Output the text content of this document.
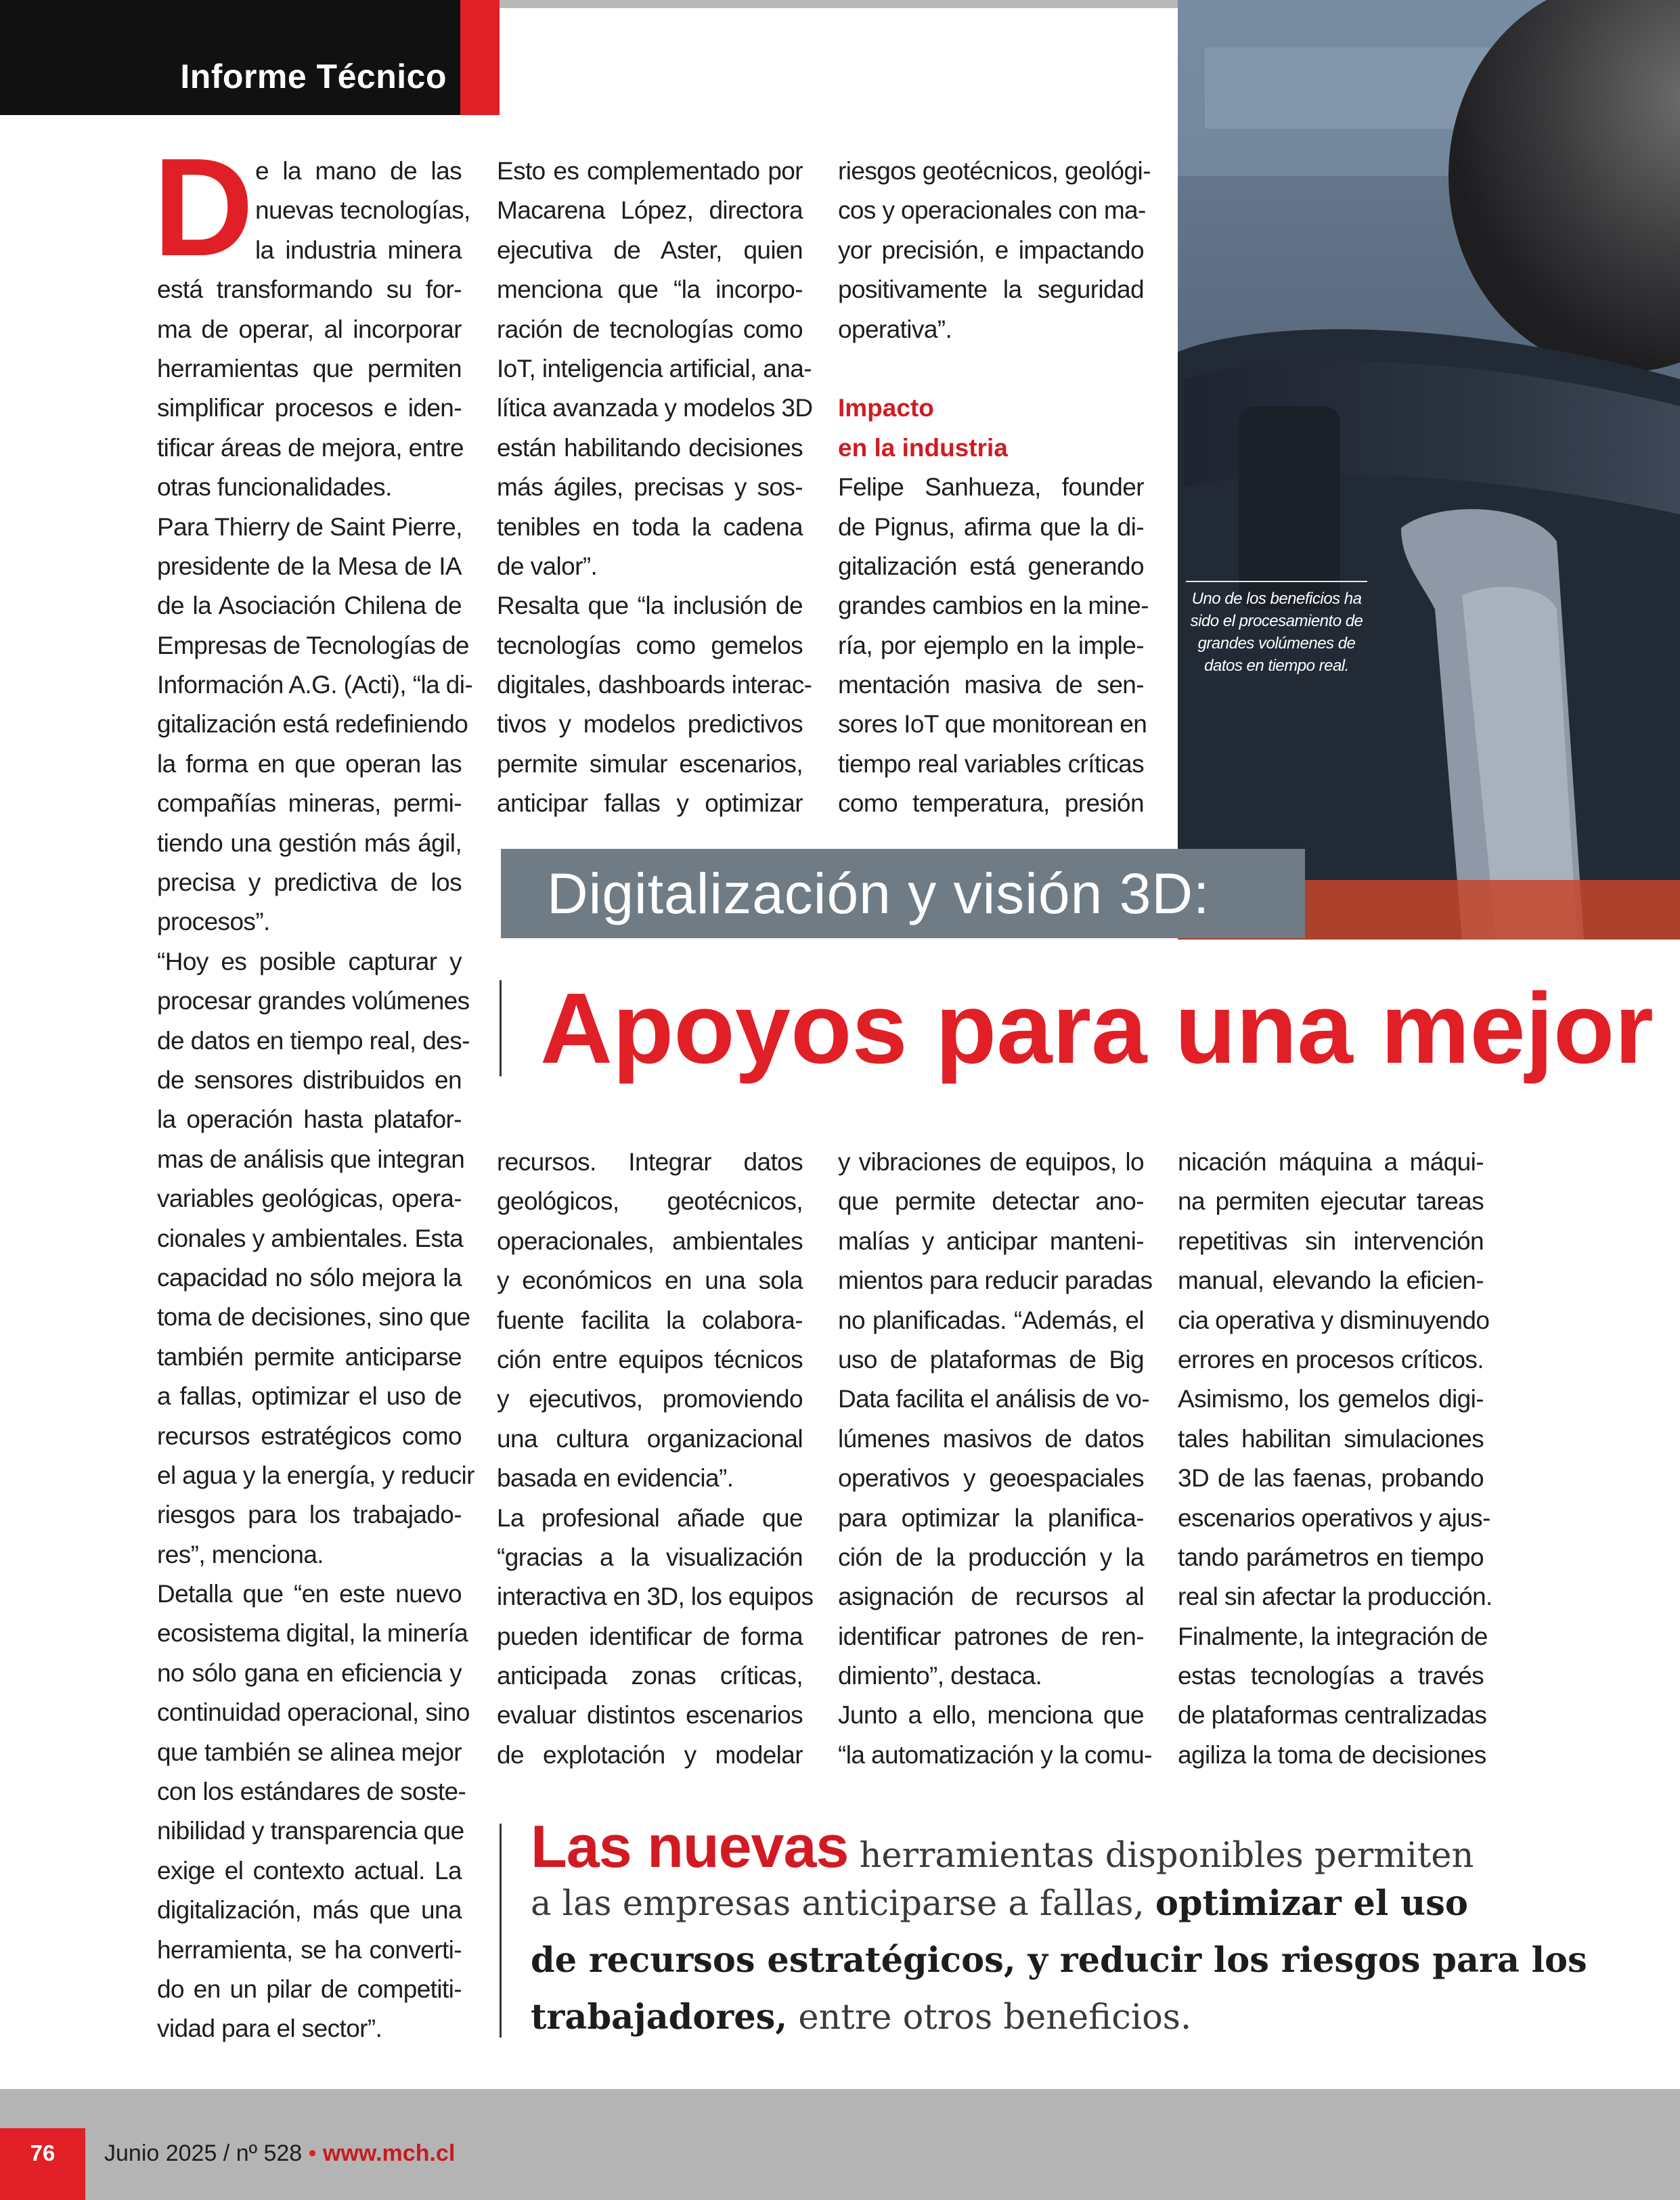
Informe Técnico
Uno de los beneficios ha
sido el procesamiento de
grandes volúmenes de
datos en tiempo real.
D e la mano de las
nuevas tecnologías,
la industria minera
está transformando su for-
ma de operar, al incorporar
herramientas que permiten
simplificar procesos e iden-
tificar áreas de mejora, entre
otras funcionalidades.
Para Thierry de Saint Pierre,
presidente de la Mesa de IA
de la Asociación Chilena de
Empresas de Tecnologías de
Información A.G. (Acti), “la di-
gitalización está redefiniendo
la forma en que operan las
compañías mineras, permi-
tiendo una gestión más ágil,
precisa y predictiva de los
procesos”.
“Hoy es posible capturar y
procesar grandes volúmenes
de datos en tiempo real, des-
de sensores distribuidos en
la operación hasta platafor-
mas de análisis que integran
variables geológicas, opera-
cionales y ambientales. Esta
capacidad no sólo mejora la
toma de decisiones, sino que
también permite anticiparse
a fallas, optimizar el uso de
recursos estratégicos como
el agua y la energía, y reducir
riesgos para los trabajado-
res”, menciona.
Detalla que “en este nuevo
ecosistema digital, la minería
no sólo gana en eficiencia y
continuidad operacional, sino
que también se alinea mejor
con los estándares de soste-
nibilidad y transparencia que
exige el contexto actual. La
digitalización, más que una
herramienta, se ha converti-
do en un pilar de competiti-
vidad para el sector”.
Esto es complementado por
Macarena López, directora
ejecutiva de Aster, quien
menciona que “la incorpo-
ración de tecnologías como
IoT, inteligencia artificial, ana-
lítica avanzada y modelos 3D
están habilitando decisiones
más ágiles, precisas y sos-
tenibles en toda la cadena
de valor”.
Resalta que “la inclusión de
tecnologías como gemelos
digitales, dashboards interac-
tivos y modelos predictivos
permite simular escenarios,
anticipar fallas y optimizar
riesgos geotécnicos, geológi-
cos y operacionales con ma-
yor precisión, e impactando
positivamente la seguridad
operativa”.
Impacto
en la industria
Felipe Sanhueza, founder
de Pignus, afirma que la di-
gitalización está generando
grandes cambios en la mine-
ría, por ejemplo en la imple-
mentación masiva de sen-
sores IoT que monitorean en
tiempo real variables críticas
como temperatura, presión
Digitalización y visión 3D:
Apoyos para una mejor
recursos. Integrar datos
geológicos, geotécnicos,
operacionales, ambientales
y económicos en una sola
fuente facilita la colabora-
ción entre equipos técnicos
y ejecutivos, promoviendo
una cultura organizacional
basada en evidencia”.
La profesional añade que
“gracias a la visualización
interactiva en 3D, los equipos
pueden identificar de forma
anticipada zonas críticas,
evaluar distintos escenarios
de explotación y modelar
y vibraciones de equipos, lo
que permite detectar ano-
malías y anticipar manteni-
mientos para reducir paradas
no planificadas. “Además, el
uso de plataformas de Big
Data facilita el análisis de vo-
lúmenes masivos de datos
operativos y geoespaciales
para optimizar la planifica-
ción de la producción y la
asignación de recursos al
identificar patrones de ren-
dimiento”, destaca.
Junto a ello, menciona que
“la automatización y la comu-
nicación máquina a máqui-
na permiten ejecutar tareas
repetitivas sin intervención
manual, elevando la eficien-
cia operativa y disminuyendo
errores en procesos críticos.
Asimismo, los gemelos digi-
tales habilitan simulaciones
3D de las faenas, probando
escenarios operativos y ajus-
tando parámetros en tiempo
real sin afectar la producción.
Finalmente, la integración de
estas tecnologías a través
de plataformas centralizadas
agiliza la toma de decisiones
Las nuevas herramientas disponibles permiten
a las empresas anticiparse a fallas, optimizar el uso
de recursos estratégicos, y reducir los riesgos para los
trabajadores, entre otros beneficios.
76	Junio 2025 / nº 528 • www.mch.cl
